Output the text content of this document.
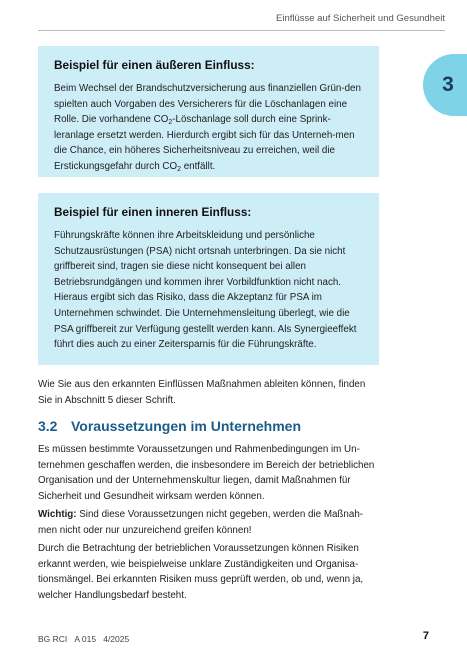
Einflüsse auf Sicherheit und Gesundheit
3
Beispiel für einen äußeren Einfluss:

Beim Wechsel der Brandschutzversicherung aus finanziellen Grün-den spielten auch Vorgaben des Versicherers für die Löschanlagen eine Rolle. Die vorhandene $CO_2$-Löschanlage soll durch eine Sprink-leranlage ersetzt werden. Hierdurch ergibt sich für das Unterneh-men die Chance, ein höheres Sicherheitsniveau zu erreichen, weil die Erstickungsgefahr durch $CO_2$ entfällt.

Beispiel für einen inneren Einfluss:

Führungskräfte können ihre Arbeitskleidung und persönliche Schutzausrüstungen (PSA) nicht ortsnah unterbringen. Da sie nicht griffbereit sind, tragen sie diese nicht konsequent bei allen Betriebsrundgängen und kommen ihrer Vorbildfunktion nicht nach. Hieraus ergibt sich das Risiko, dass die Akzeptanz für PSA im Unternehmen schwindet. Die Unternehmensleitung überlegt, wie die PSA griffbereit zur Verfügung gestellt werden kann. Als Synergieeffekt führt dies auch zu einer Zeitersparnis für die Führungskräfte.

Wie Sie aus den erkannten Einflüssen Maßnahmen ableiten können, finden Sie in Abschnitt 5 dieser Schrift.

3.2 Voraussetzungen im Unternehmen

Es müssen bestimmte Voraussetzungen und Rahmenbedingungen im Un-ternehmen geschaffen werden, die insbesondere im Bereich der betrieblichen Organisation und der Unternehmenskultur liegen, damit Maßnahmen für Sicherheit und Gesundheit wirksam werden können.

Wichtig: Sind diese Voraussetzungen nicht gegeben, werden die Maßnah-men nicht oder nur unzureichend greifen können!

Durch die Betrachtung der betrieblichen Voraussetzungen können Risiken erkannt werden, wie beispielweise unklare Zuständigkeiten und Organisa-tionsmängel. Bei erkannten Risiken muss geprüft werden, ob und, wenn ja, welcher Handlungsbedarf besteht.

BG RCI A 015 4/2025	7
